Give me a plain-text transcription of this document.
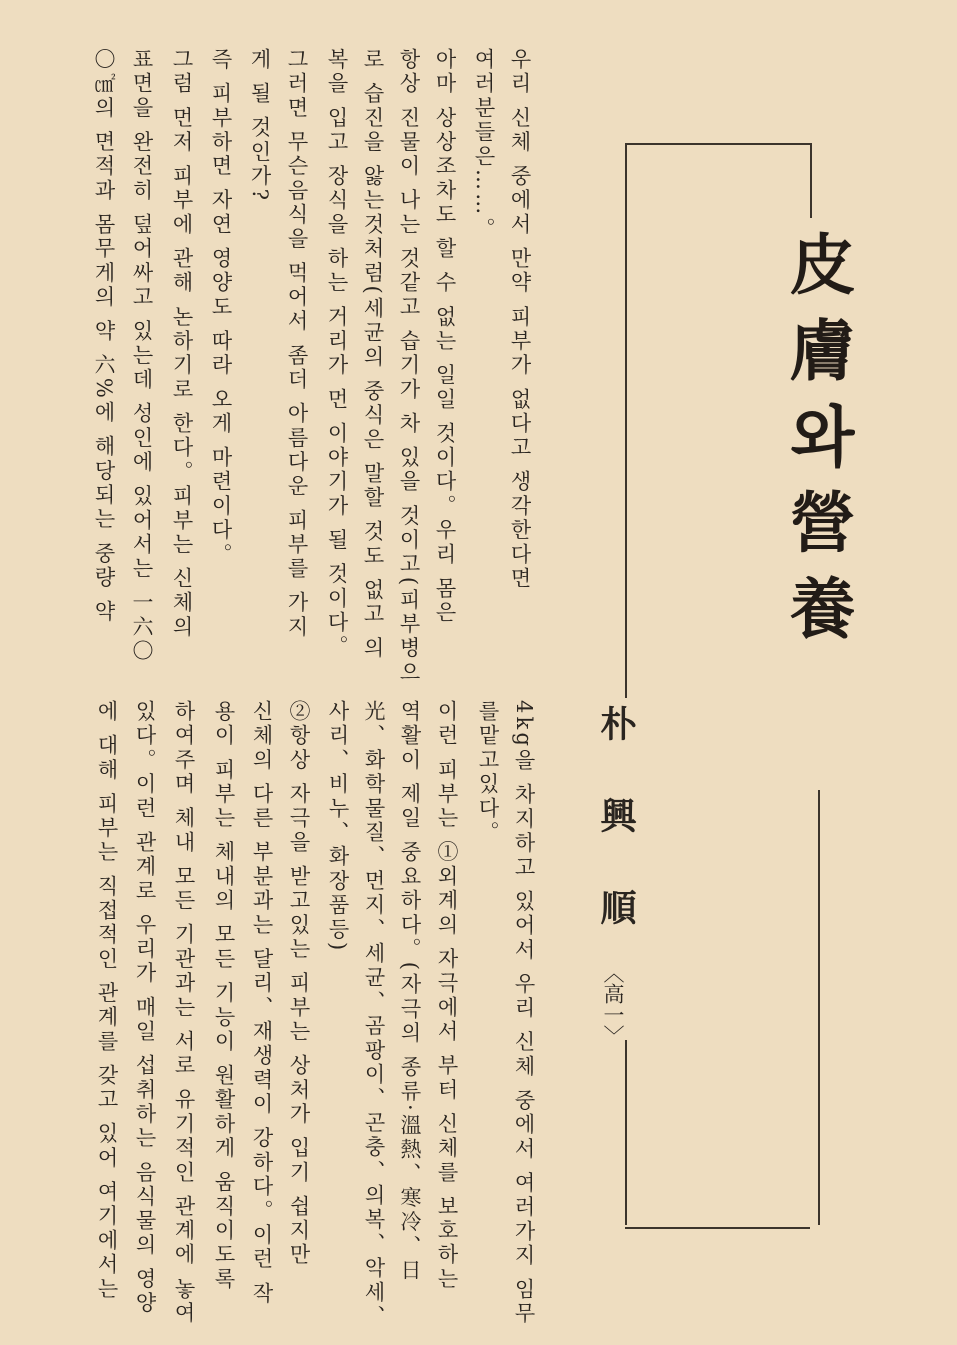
皮膚와營養
朴興順
〈高一〉
우리 신체 중에서 만약 피부가 없다고 생각한다면
여러분들은……。
아마 상상조차도 할 수 없는 일일 것이다。우리 몸은
항상 진물이 나는 것같고 습기가 차 있을 것이고(피부병으
로 습진을 앓는것처럼(세균의 중식은 말할 것도 없고 의
복을 입고 장식을 하는 거리가 먼 이야기가 될 것이다。
그러면 무슨음식을 먹어서 좀더 아름다운 피부를 가지
게 될 것인가?
즉 피부하면 자연 영양도 따라 오게 마련이다。
그럼 먼저 피부에 관해 논하기로 한다。피부는 신체의
표면을 완전히 덮어싸고 있는데 성인에 있어서는 一六〇
〇㎠의 면적과 몸무게의 약 六%에 해당되는 중량 약
4kg을 차지하고 있어서 우리 신체 중에서 여러가지 임무
를맡고있다。
이런 피부는 ①외계의 자극에서 부터 신체를 보호하는
역활이 제일 중요하다。(자극의 종류·溫熱、寒冷、日
光、화학물질、먼지、세균、곰팡이、곤충、의복、악세、
사리、비누、화장품등)
②항상 자극을 받고있는 피부는 상처가 입기 쉽지만
신체의 다른 부분과는 달리、재생력이 강하다。이런 작
용이 피부는 체내의 모든 기능이 원활하게 움직이도록
하여주며 체내 모든 기관과는 서로 유기적인 관계에 놓여
있다。이런 관계로 우리가 매일 섭취하는 음식물의 영양
에 대해 피부는 직접적인 관계를 갖고 있어 여기에서는
